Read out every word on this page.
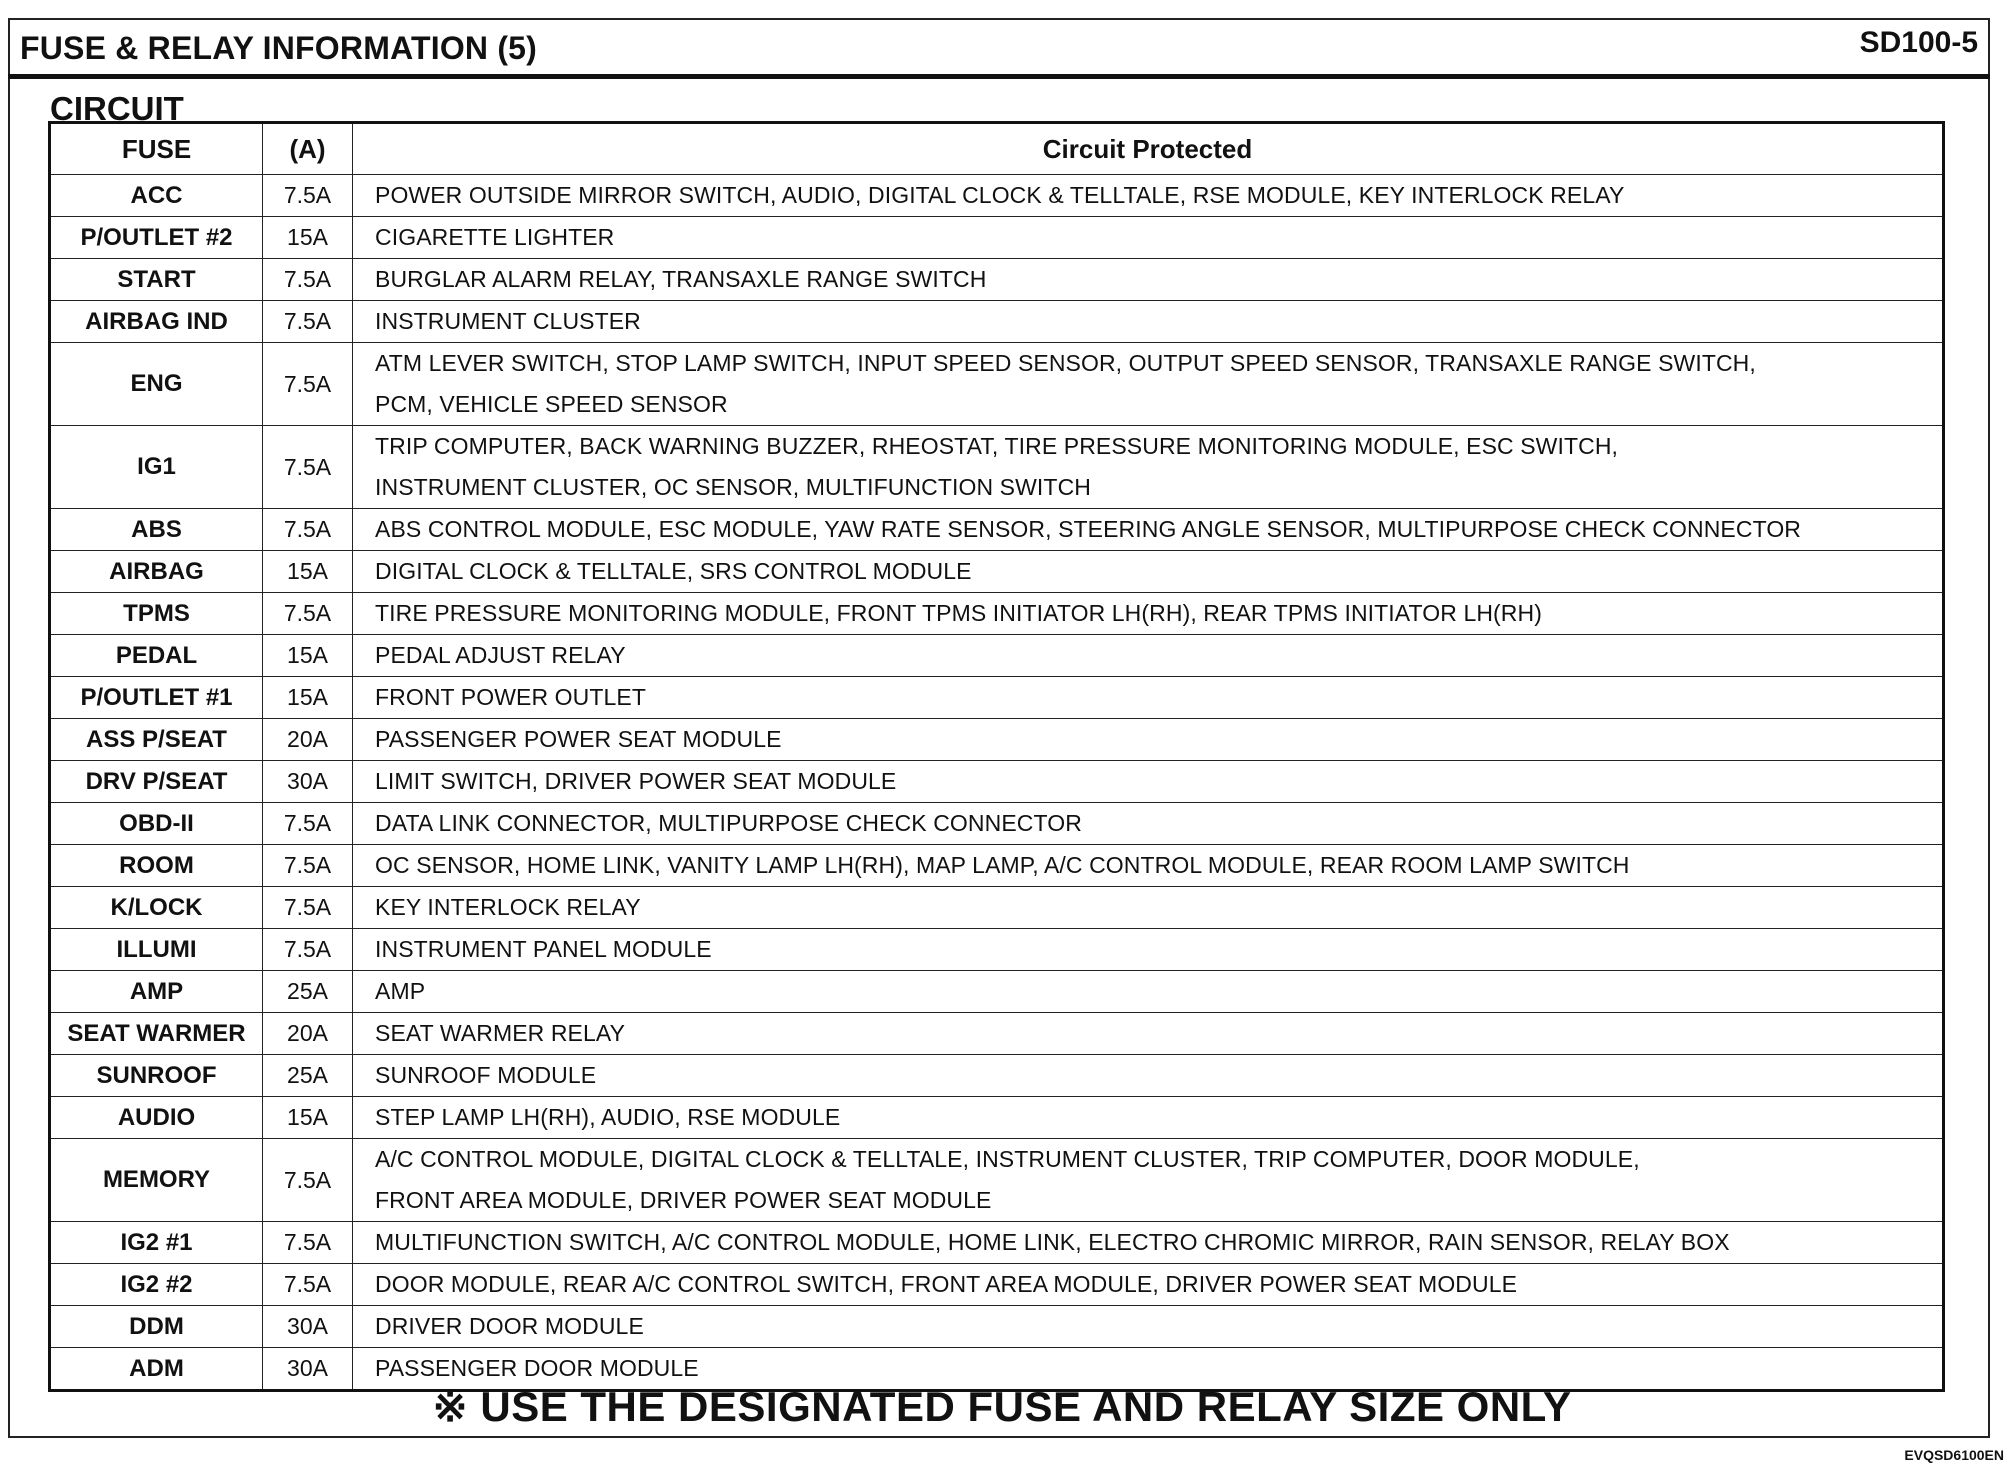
FUSE & RELAY INFORMATION (5)	SD100-5
CIRCUIT
FUSE	(A)	Circuit Protected
ACC	7.5A	POWER OUTSIDE MIRROR SWITCH, AUDIO, DIGITAL CLOCK & TELLTALE, RSE MODULE, KEY INTERLOCK RELAY

P/OUTLET #2	15A	CIGARETTE LIGHTER

START	7.5A	BURGLAR ALARM RELAY, TRANSAXLE RANGE SWITCH

AIRBAG IND	7.5A	INSTRUMENT CLUSTER

ENG	7.5A	ATM LEVER SWITCH, STOP LAMP SWITCH, INPUT SPEED SENSOR, OUTPUT SPEED SENSOR, TRANSAXLE RANGE SWITCH,
PCM, VEHICLE SPEED SENSOR

IG1	7.5A	TRIP COMPUTER, BACK WARNING BUZZER, RHEOSTAT, TIRE PRESSURE MONITORING MODULE, ESC SWITCH,
INSTRUMENT CLUSTER, OC SENSOR, MULTIFUNCTION SWITCH

ABS	7.5A	ABS CONTROL MODULE, ESC MODULE, YAW RATE SENSOR, STEERING ANGLE SENSOR, MULTIPURPOSE CHECK CONNECTOR

AIRBAG	15A	DIGITAL CLOCK & TELLTALE, SRS CONTROL MODULE

TPMS	7.5A	TIRE PRESSURE MONITORING MODULE, FRONT TPMS INITIATOR LH(RH), REAR TPMS INITIATOR LH(RH)

PEDAL	15A	PEDAL ADJUST RELAY

P/OUTLET #1	15A	FRONT POWER OUTLET

ASS P/SEAT	20A	PASSENGER POWER SEAT MODULE

DRV P/SEAT	30A	LIMIT SWITCH, DRIVER POWER SEAT MODULE

OBD-II	7.5A	DATA LINK CONNECTOR, MULTIPURPOSE CHECK CONNECTOR

ROOM	7.5A	OC SENSOR, HOME LINK, VANITY LAMP LH(RH), MAP LAMP, A/C CONTROL MODULE, REAR ROOM LAMP SWITCH

K/LOCK	7.5A	KEY INTERLOCK RELAY

ILLUMI	7.5A	INSTRUMENT PANEL MODULE

AMP	25A	AMP

SEAT WARMER	20A	SEAT WARMER RELAY

SUNROOF	25A	SUNROOF MODULE

AUDIO	15A	STEP LAMP LH(RH), AUDIO, RSE MODULE

MEMORY	7.5A	A/C CONTROL MODULE, DIGITAL CLOCK & TELLTALE, INSTRUMENT CLUSTER, TRIP COMPUTER, DOOR MODULE,
FRONT AREA MODULE, DRIVER POWER SEAT MODULE

IG2 #1	7.5A	MULTIFUNCTION SWITCH, A/C CONTROL MODULE, HOME LINK, ELECTRO CHROMIC MIRROR, RAIN SENSOR, RELAY BOX

IG2 #2	7.5A	DOOR MODULE, REAR A/C CONTROL SWITCH, FRONT AREA MODULE, DRIVER POWER SEAT MODULE

DDM	30A	DRIVER DOOR MODULE

ADM	30A	PASSENGER DOOR MODULE
※ USE THE DESIGNATED FUSE AND RELAY SIZE ONLY
EVQSD6100EN
